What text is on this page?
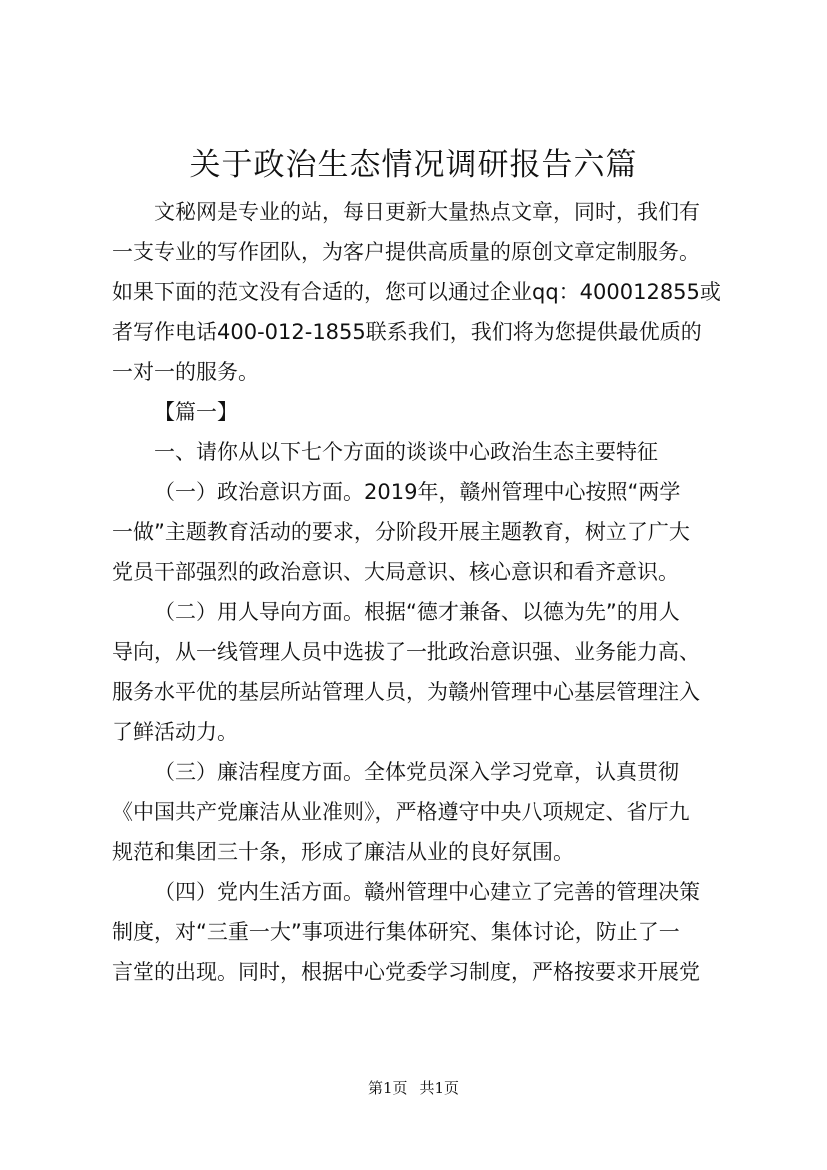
关于政治生态情况调研报告六篇
文秘网是专业的站，每日更新大量热点文章，同时，我们有
一支专业的写作团队，为客户提供高质量的原创文章定制服务。
如果下面的范文没有合适的，您可以通过企业qq：400012855或
者写作电话400-012-1855联系我们，我们将为您提供最优质的
一对一的服务。
【篇一】
一、请你从以下七个方面的谈谈中心政治生态主要特征
（一）政治意识方面。2019年，赣州管理中心按照“两学
一做”主题教育活动的要求，分阶段开展主题教育，树立了广大
党员干部强烈的政治意识、大局意识、核心意识和看齐意识。
（二）用人导向方面。根据“德才兼备、以德为先”的用人
导向，从一线管理人员中选拔了一批政治意识强、业务能力高、
服务水平优的基层所站管理人员，为赣州管理中心基层管理注入
了鲜活动力。
（三）廉洁程度方面。全体党员深入学习党章，认真贯彻
《中国共产党廉洁从业准则》，严格遵守中央八项规定、省厅九
规范和集团三十条，形成了廉洁从业的良好氛围。
（四）党内生活方面。赣州管理中心建立了完善的管理决策
制度，对“三重一大”事项进行集体研究、集体讨论，防止了一
言堂的出现。同时，根据中心党委学习制度，严格按要求开展党
第1页 共1页
